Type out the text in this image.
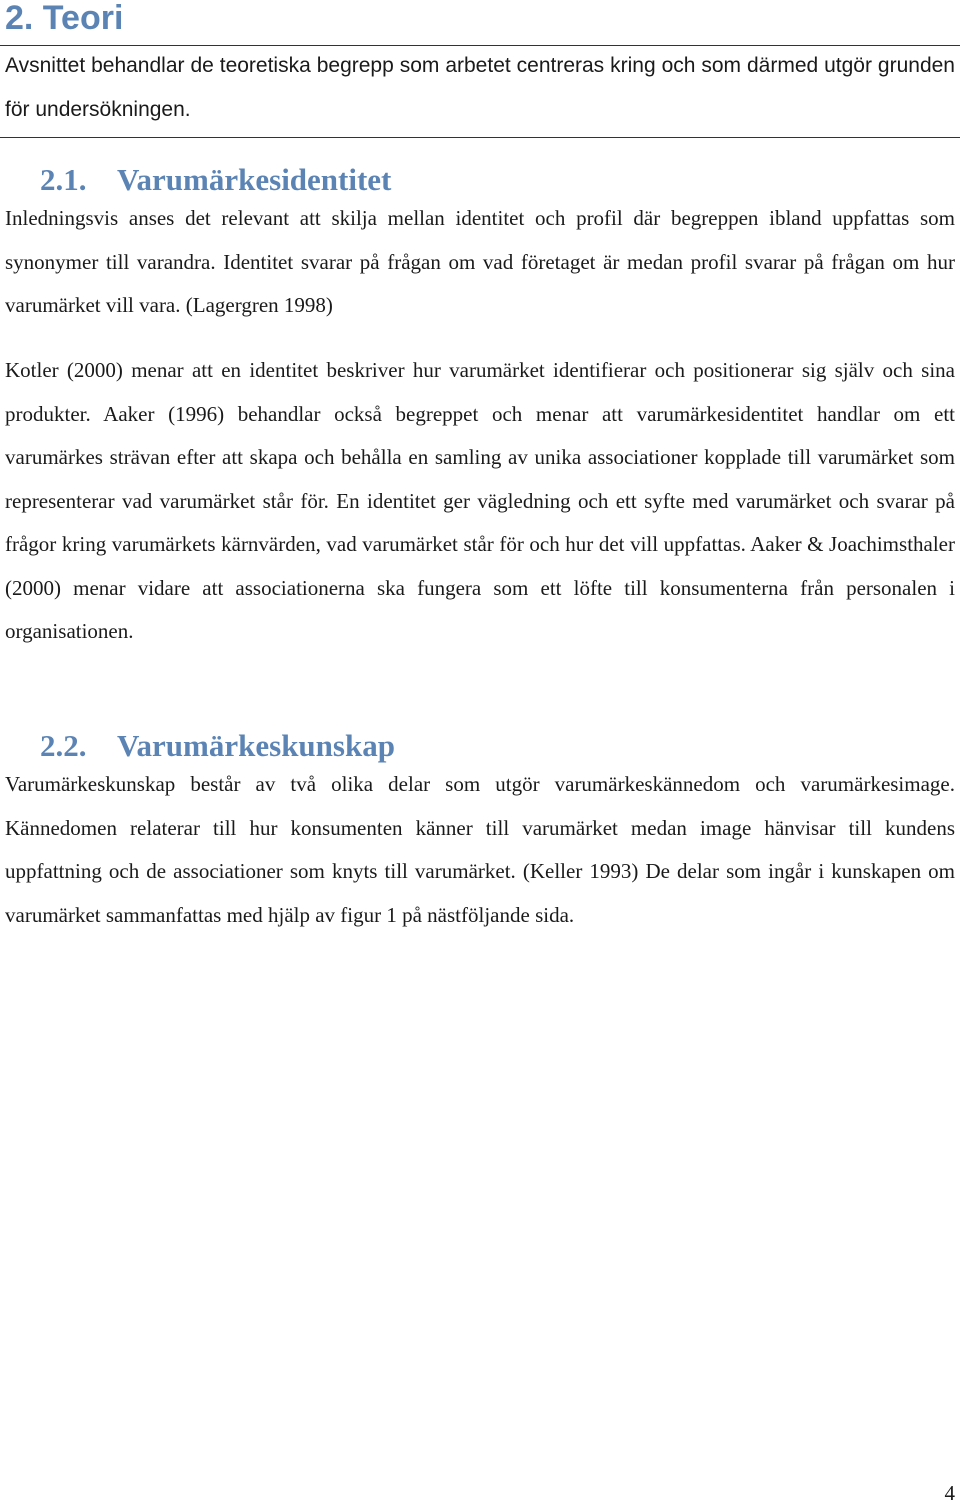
2. Teori

Avsnittet behandlar de teoretiska begrepp som arbetet centreras kring och som därmed utgör grunden för undersökningen.

2.1. Varumärkesidentitet

Inledningsvis anses det relevant att skilja mellan identitet och profil där begreppen ibland uppfattas som synonymer till varandra. Identitet svarar på frågan om vad företaget är medan profil svarar på frågan om hur varumärket vill vara. (Lagergren 1998)

Kotler (2000) menar att en identitet beskriver hur varumärket identifierar och positionerar sig själv och sina produkter. Aaker (1996) behandlar också begreppet och menar att varumärkesidentitet handlar om ett varumärkes strävan efter att skapa och behålla en samling av unika associationer kopplade till varumärket som representerar vad varumärket står för. En identitet ger vägledning och ett syfte med varumärket och svarar på frågor kring varumärkets kärnvärden, vad varumärket står för och hur det vill uppfattas. Aaker & Joachimsthaler (2000) menar vidare att associationerna ska fungera som ett löfte till konsumenterna från personalen i organisationen.

2.2. Varumärkeskunskap

Varumärkeskunskap består av två olika delar som utgör varumärkeskännedom och varumärkesimage. Kännedomen relaterar till hur konsumenten känner till varumärket medan image hänvisar till kundens uppfattning och de associationer som knyts till varumärket. (Keller 1993) De delar som ingår i kunskapen om varumärket sammanfattas med hjälp av figur 1 på nästföljande sida.

4
